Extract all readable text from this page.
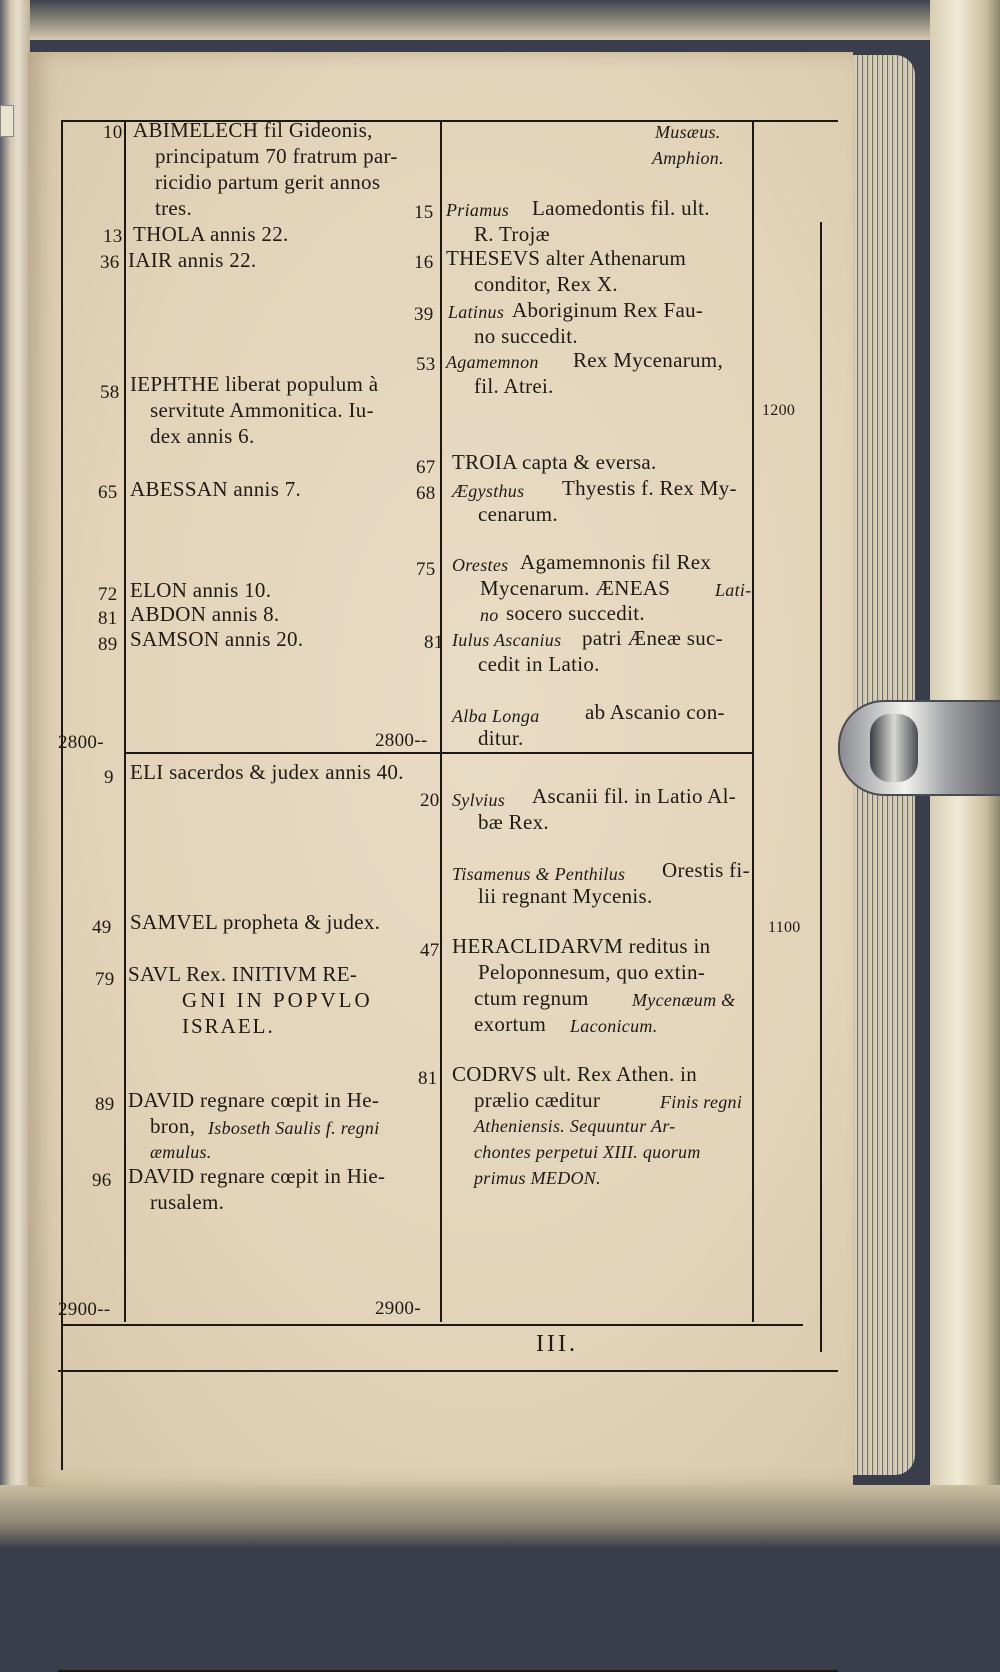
10 ABIMELECH fil Gideonis,
principatum 70 fratrum par-
ricidio partum gerit annos
tres.
13 THOLA annis 22.
36 IAIR annis 22.
58 IEPHTHE liberat populum à
servitute Ammonitica. Iu-
dex annis 6.
65 ABESSAN annis 7.
72 ELON annis 10.
81 ABDON annis 8.
89 SAMSON annis 20.
2800-	2800--
9 ELI sacerdos & judex annis 40.
49 SAMVEL propheta & judex.
79 SAVL Rex. INITIVM RE-
GNI IN POPVLO
ISRAEL.
89 DAVID regnare cœpit in He-
bron, Isboseth Saulis f. regni
æmulus.
96 DAVID regnare cœpit in Hie-
rusalem.
2900--	2900-
Musæus.
Amphion.
15 Priamus Laomedontis fil. ult.
R. Trojæ
16 THESEVS alter Athenarum
conditor, Rex X.
39 Latinus Aboriginum Rex Fau-
no succedit.
53 Agamemnon Rex Mycenarum,
fil. Atrei.
67 TROIA capta & eversa.
68 Ægysthus Thyestis f. Rex My-
cenarum.
75 Orestes Agamemnonis fil Rex
Mycenarum. ÆNEAS Lati-
no socero succedit.
81 Iulus Ascanius patri Æneæ suc-
cedit in Latio.
Alba Longa ab Ascanio con-
ditur.
20 Sylvius Ascanii fil. in Latio Al-
bæ Rex.
Tisamenus & Penthilus Orestis fi-
lii regnant Mycenis.
47 HERACLIDARVM reditus in
Peloponnesum, quo extin-
ctum regnum Mycenæum &
exortum Laconicum.
81 CODRVS ult. Rex Athen. in
prælio cæditur	Finis regni
Atheniensis. Sequuntur Ar-
chontes perpetui XIII. quorum
primus MEDON.
1200
1100
III.
